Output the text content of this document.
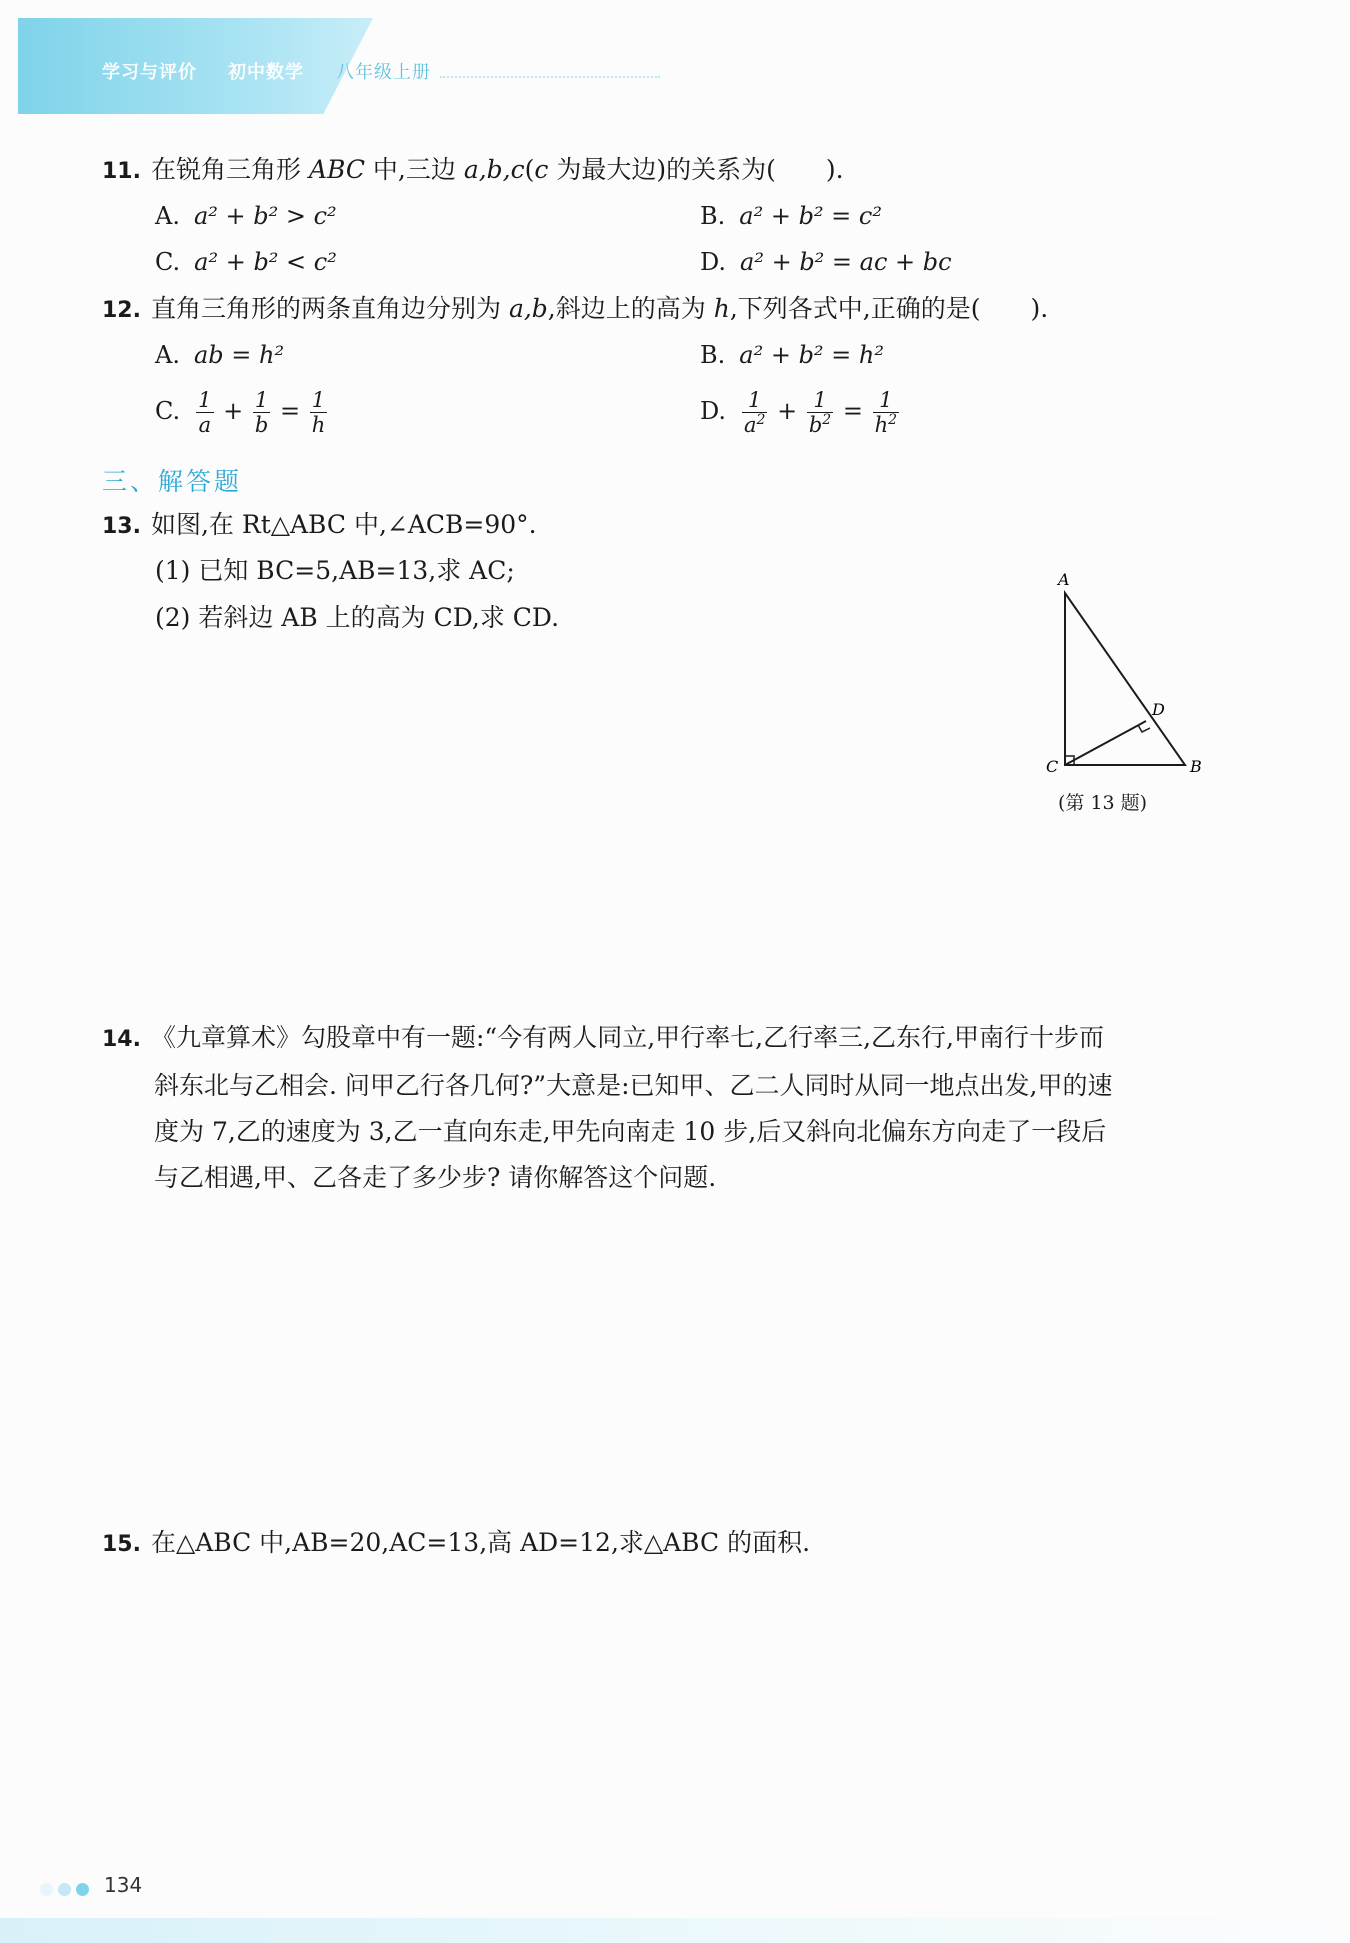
学习与评价 初中数学 八年级上册
11. 在锐角三角形 ABC 中,三边 a,b,c(c 为最大边)的关系为(　　).
A. a² + b² > c²	B. a² + b² = c²
C. a² + b² < c²	D. a² + b² = ac + bc
12. 直角三角形的两条直角边分别为 a,b,斜边上的高为 h,下列各式中,正确的是(　　).
A. ab = h²	B. a² + b² = h²
C. $\frac{1}{a} + \frac{1}{b} = \frac{1}{h}$	D. $\frac{1}{a^2} + \frac{1}{b^2} = \frac{1}{h^2}$
三、解答题
13. 如图,在 Rt△ABC 中,∠ACB=90°.
(1) 已知 BC=5,AB=13,求 AC;
(2) 若斜边 AB 上的高为 CD,求 CD.
A
B
C
D
(第 13 题)
14. 《九章算术》勾股章中有一题:“今有两人同立,甲行率七,乙行率三,乙东行,甲南行十步而
斜东北与乙相会. 问甲乙行各几何?”大意是:已知甲、乙二人同时从同一地点出发,甲的速
度为 7,乙的速度为 3,乙一直向东走,甲先向南走 10 步,后又斜向北偏东方向走了一段后
与乙相遇,甲、乙各走了多少步? 请你解答这个问题.
15. 在△ABC 中,AB=20,AC=13,高 AD=12,求△ABC 的面积.
134
